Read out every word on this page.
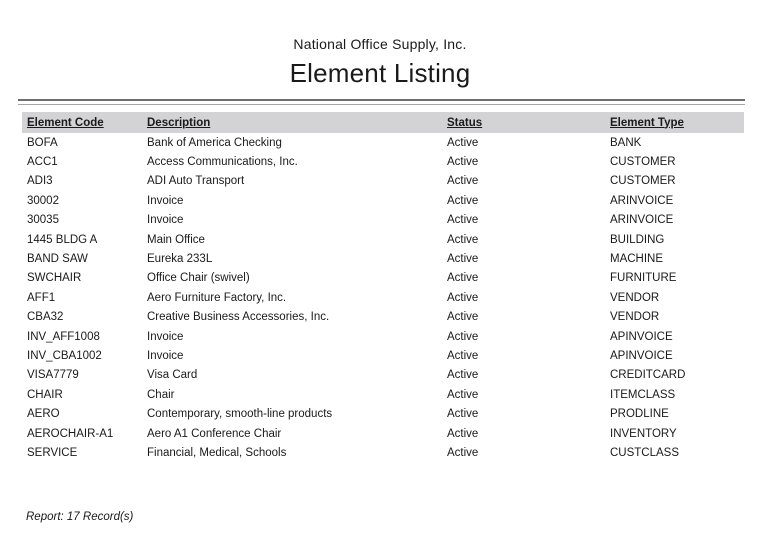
National Office Supply, Inc.
Element Listing
Element Code	Description	Status	Element Type
BOFA	Bank of America Checking	Active	BANK
ACC1	Access Communications, Inc.	Active	CUSTOMER
ADI3	ADI Auto Transport	Active	CUSTOMER
30002	Invoice	Active	ARINVOICE
30035	Invoice	Active	ARINVOICE
1445 BLDG A	Main Office	Active	BUILDING
BAND SAW	Eureka 233L	Active	MACHINE
SWCHAIR	Office Chair (swivel)	Active	FURNITURE
AFF1	Aero Furniture Factory, Inc.	Active	VENDOR
CBA32	Creative Business Accessories, Inc.	Active	VENDOR
INV_AFF1008	Invoice	Active	APINVOICE
INV_CBA1002	Invoice	Active	APINVOICE
VISA7779	Visa Card	Active	CREDITCARD
CHAIR	Chair	Active	ITEMCLASS
AERO	Contemporary, smooth-line products	Active	PRODLINE
AEROCHAIR-A1	Aero A1 Conference Chair	Active	INVENTORY
SERVICE	Financial, Medical, Schools	Active	CUSTCLASS
Report: 17 Record(s)
